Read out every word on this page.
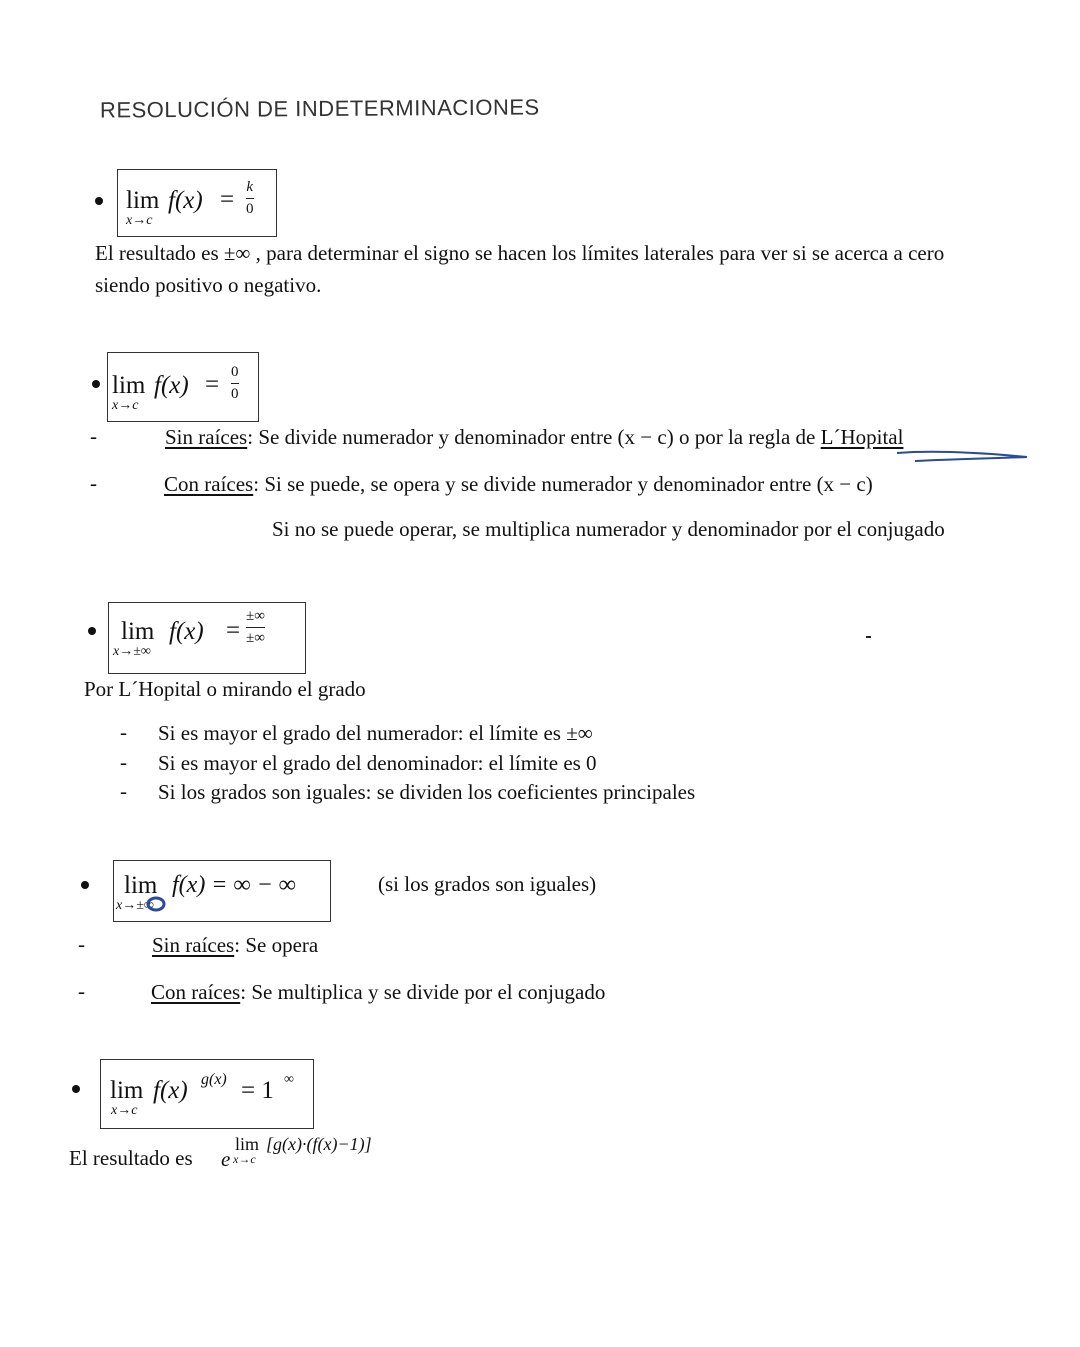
RESOLUCIÓN DE INDETERMINACIONES
lim
x→c
f(x) = k
0
El resultado es ±∞ , para determinar el signo se hacen los límites laterales para ver si se acerca a cero
siendo positivo o negativo.
lim
x→c
f(x) = 0
0
-	Sin raíces: Se divide numerador y denominador entre (x − c) o por la regla de L´Hopital
-	Con raíces: Si se puede, se opera y se divide numerador y denominador entre (x − c)
Si no se puede operar, se multiplica numerador y denominador por el conjugado
lim
x→±∞
f(x) =
±∞
±∞
Por L´Hopital o mirando el grado
- Si es mayor el grado del numerador: el límite es ±∞
- Si es mayor el grado del denominador: el límite es 0
- Si los grados son iguales: se dividen los coeficientes principales
lim
x→±∞
f(x) = ∞ − ∞	(si los grados son iguales)
-	Sin raíces: Se opera
-	Con raíces: Se multiplica y se divide por el conjugado
lim
x→c
f(x) g(x) = 1 ∞
El resultado es e
lim [g(x)·(f(x)−1)]
x→c
